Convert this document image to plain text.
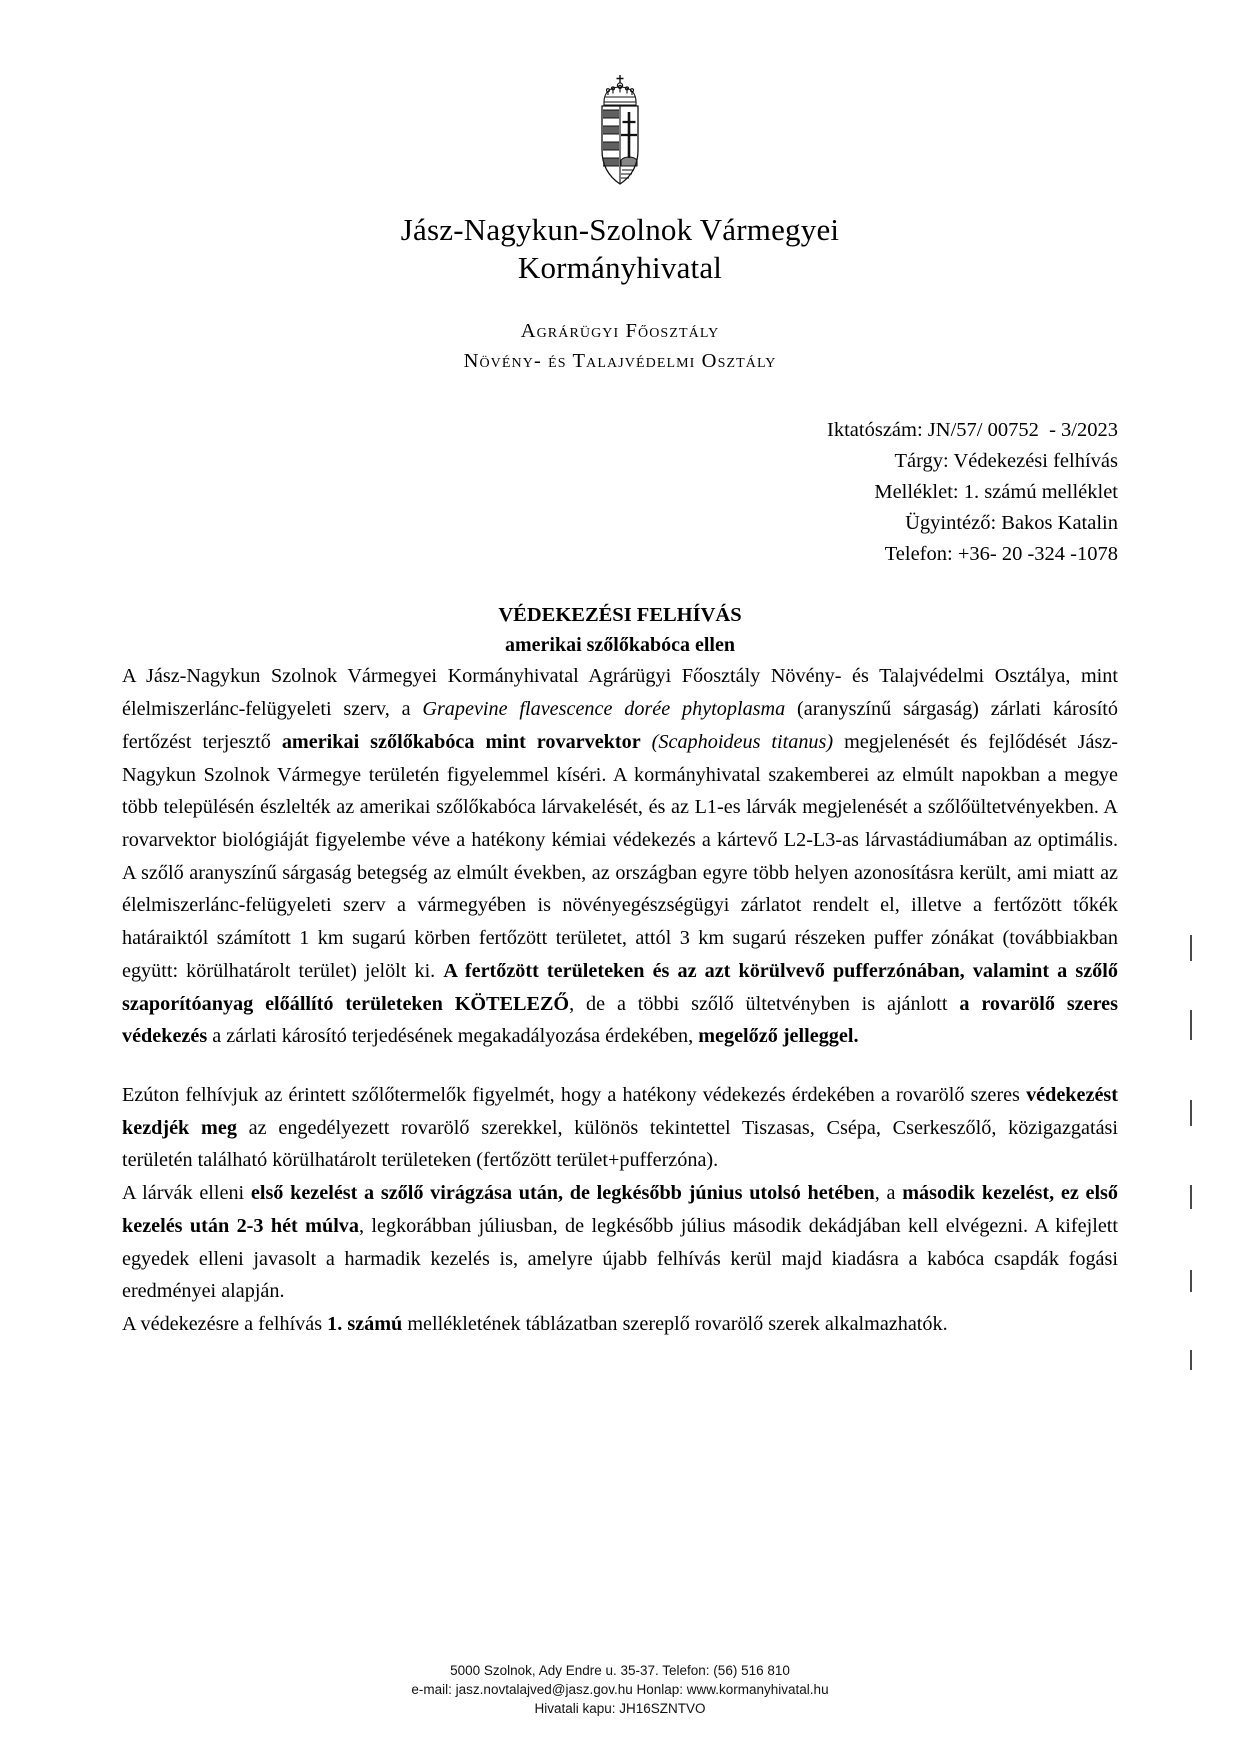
Jász-Nagykun-Szolnok Vármegyei
Kormányhivatal
Agrárügyi Főosztály
Növény- és Talajvédelmi Osztály
Iktatószám: JN/57/ 00752  - 3/2023
Tárgy: Védekezési felhívás
Melléklet: 1. számú melléklet
Ügyintéző: Bakos Katalin
Telefon: +36- 20 -324 -1078
VÉDEKEZÉSI FELHÍVÁS
amerikai szőlőkabóca ellen

A Jász-Nagykun Szolnok Vármegyei Kormányhivatal Agrárügyi Főosztály Növény- és Talajvédelmi Osztálya, mint élelmiszerlánc-felügyeleti szerv, a Grapevine flavescence dorée phytoplasma (aranyszínű sárgaság) zárlati károsító fertőzést terjesztő amerikai szőlőkabóca mint rovarvektor (Scaphoideus titanus) megjelenését és fejlődését Jász-Nagykun Szolnok Vármegye területén figyelemmel kíséri. A kormányhivatal szakemberei az elmúlt napokban a megye több településén észlelték az amerikai szőlőkabóca lárvakelését, és az L1-es lárvák megjelenését a szőlőültetvényekben. A rovarvektor biológiáját figyelembe véve a hatékony kémiai védekezés a kártevő L2-L3-as lárvastádiumában az optimális. A szőlő aranyszínű sárgaság betegség az elmúlt években, az országban egyre több helyen azonosításra került, ami miatt az élelmiszerlánc-felügyeleti szerv a vármegyében is növényegészségügyi zárlatot rendelt el, illetve a fertőzött tőkék határaiktól számított 1 km sugarú körben fertőzött területet, attól 3 km sugarú részeken puffer zónákat (továbbiakban együtt: körülhatárolt terület) jelölt ki. A fertőzött területeken és az azt körülvevő pufferzónában, valamint a szőlő szaporítóanyag előállító területeken KÖTELEZŐ, de a többi szőlő ültetvényben is ajánlott a rovarölő szeres védekezés a zárlati károsító terjedésének megakadályozása érdekében, megelőző jelleggel.

Ezúton felhívjuk az érintett szőlőtermelők figyelmét, hogy a hatékony védekezés érdekében a rovarölő szeres védekezést kezdjék meg az engedélyezett rovarölő szerekkel, különös tekintettel Tiszasas, Csépa, Cserkeszőlő, közigazgatási területén található körülhatárolt területeken (fertőzött terület+pufferzóna).

A lárvák elleni első kezelést a szőlő virágzása után, de legkésőbb június utolsó hetében, a második kezelést, ez első kezelés után 2-3 hét múlva, legkorábban júliusban, de legkésőbb július második dekádjában kell elvégezni. A kifejlett egyedek elleni javasolt a harmadik kezelés is, amelyre újabb felhívás kerül majd kiadásra a kabóca csapdák fogási eredményei alapján.

A védekezésre a felhívás 1. számú mellékletének táblázatban szereplő rovarölő szerek alkalmazhatók.

5000 Szolnok, Ady Endre u. 35-37. Telefon: (56) 516 810
e-mail: jasz.novtalajved@jasz.gov.hu Honlap: www.kormanyhivatal.hu
Hivatali kapu: JH16SZNTVO
